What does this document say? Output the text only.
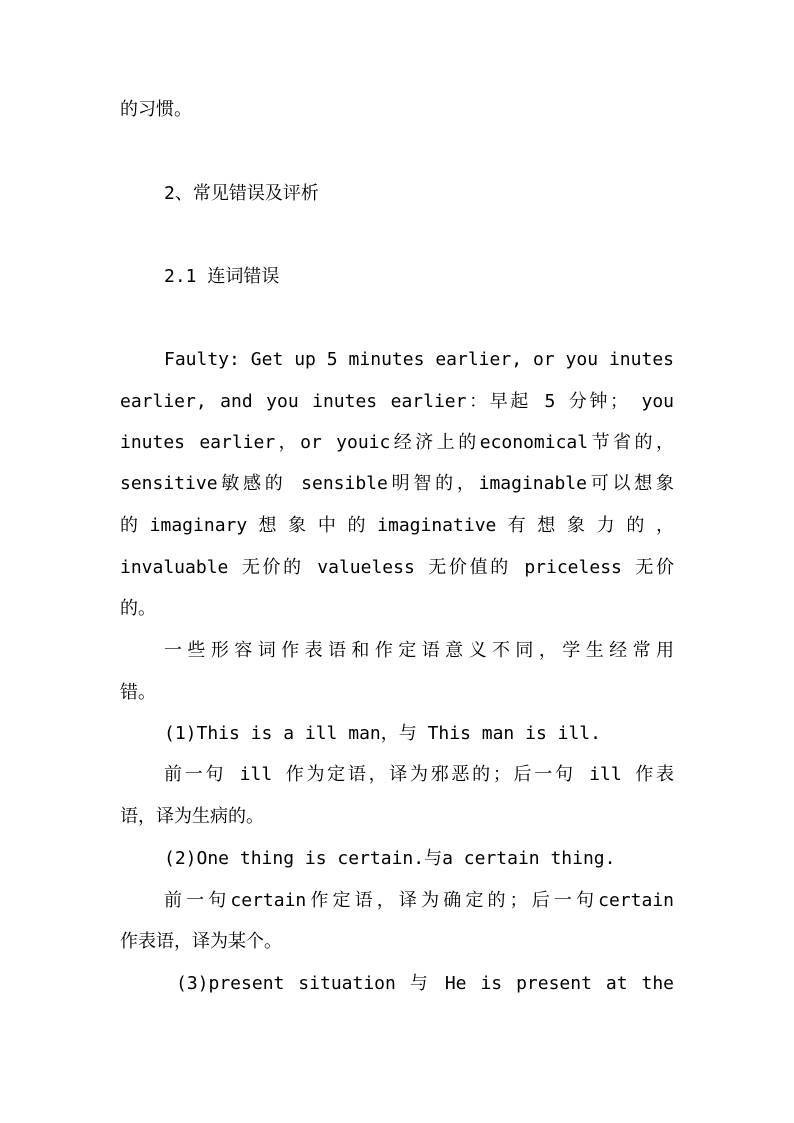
的习惯。
2、常见错误及评析
2.1 连词错误
Faulty: Get up 5 minutes earlier, or you inutes
earlier, and you inutes earlier：早起 5 分钟； you
inutes earlier，or youic经济上的economical节省的，
sensitive敏感的 sensible明智的，imaginable可以想象
的 imaginary 想 象 中 的 imaginative 有 想 象 力 的 ，
invaluable 无价的 valueless 无价值的 priceless 无价
的。
一些形容词作表语和作定语意义不同，学生经常用
错。
(1)This is a ill man，与 This man is ill.
前一句 ill 作为定语，译为邪恶的；后一句 ill 作表
语，译为生病的。
(2)One thing is certain.与a certain thing.
前一句certain作定语，译为确定的；后一句certain
作表语，译为某个。
(3)present situation 与 He is present at the
